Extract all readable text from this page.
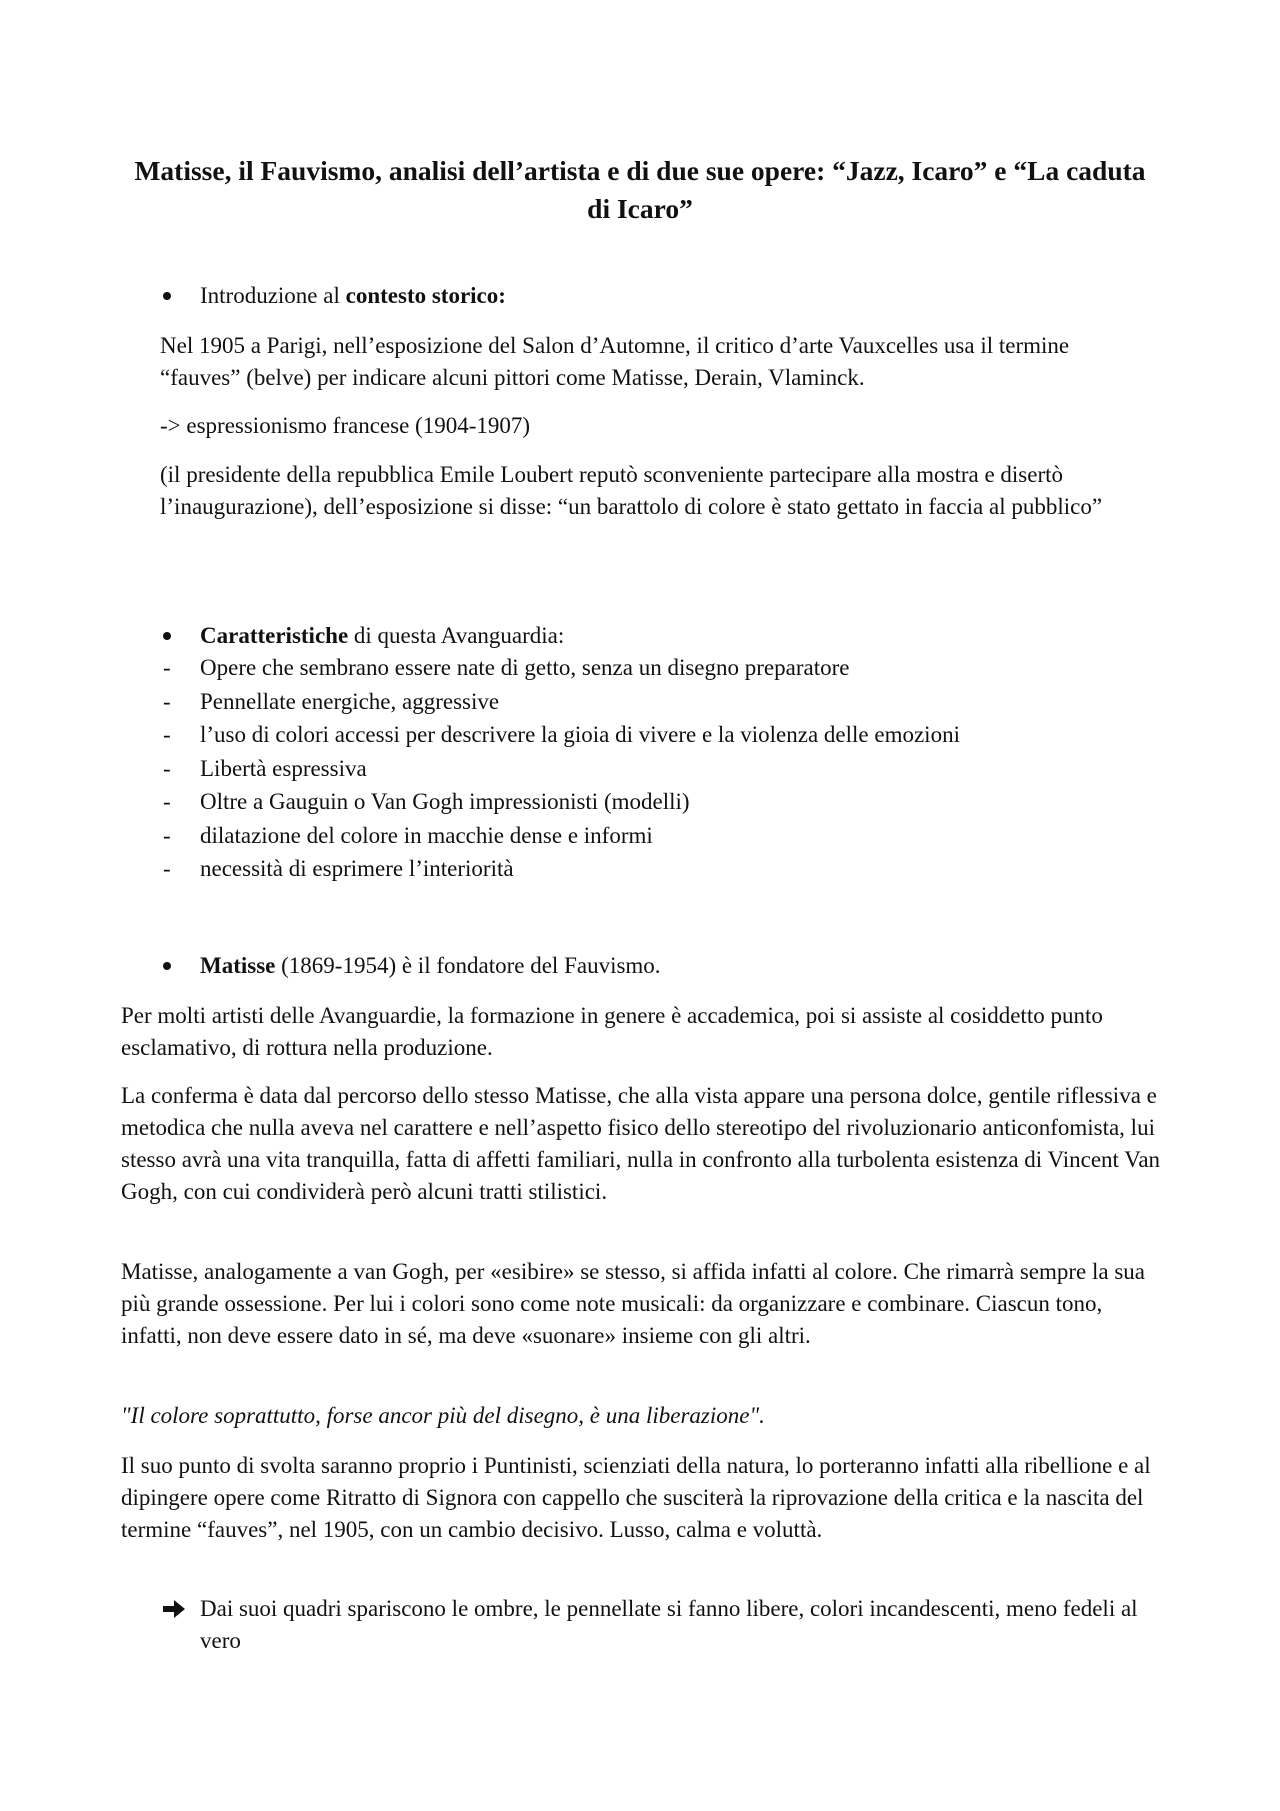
Matisse, il Fauvismo, analisi dell’artista e di due sue opere: “Jazz, Icaro” e “La caduta di Icaro”
Introduzione al contesto storico:

Nel 1905 a Parigi, nell’esposizione del Salon d’Automne, il critico d’arte Vauxcelles usa il termine “fauves” (belve) per indicare alcuni pittori come Matisse, Derain, Vlaminck.

-> espressionismo francese (1904-1907)

(il presidente della repubblica Emile Loubert reputò sconveniente partecipare alla mostra e disertò l’inaugurazione), dell’esposizione si disse: “un barattolo di colore è stato gettato in faccia al pubblico”

Caratteristiche di questa Avanguardia:
- Opere che sembrano essere nate di getto, senza un disegno preparatore
- Pennellate energiche, aggressive
- l’uso di colori accessi per descrivere la gioia di vivere e la violenza delle emozioni
- Libertà espressiva
- Oltre a Gauguin o Van Gogh impressionisti (modelli)
- dilatazione del colore in macchie dense e informi
- necessità di esprimere l’interiorità
Matisse (1869-1954) è il fondatore del Fauvismo.

Per molti artisti delle Avanguardie, la formazione in genere è accademica, poi si assiste al cosiddetto punto esclamativo, di rottura nella produzione.

La conferma è data dal percorso dello stesso Matisse, che alla vista appare una persona dolce, gentile riflessiva e metodica che nulla aveva nel carattere e nell’aspetto fisico dello stereotipo del rivoluzionario anticonfomista, lui stesso avrà una vita tranquilla, fatta di affetti familiari, nulla in confronto alla turbolenta esistenza di Vincent Van Gogh, con cui condividerà però alcuni tratti stilistici.

Matisse, analogamente a van Gogh, per «esibire» se stesso, si affida infatti al colore. Che rimarrà sempre la sua più grande ossessione. Per lui i colori sono come note musicali: da organizzare e combinare. Ciascun tono, infatti, non deve essere dato in sé, ma deve «suonare» insieme con gli altri.

"Il colore soprattutto, forse ancor più del disegno, è una liberazione".

Il suo punto di svolta saranno proprio i Puntinisti, scienziati della natura, lo porteranno infatti alla ribellione e al dipingere opere come Ritratto di Signora con cappello che susciterà la riprovazione della critica e la nascita del termine “fauves”, nel 1905, con un cambio decisivo. Lusso, calma e voluttà.

Dai suoi quadri spariscono le ombre, le pennellate si fanno libere, colori incandescenti, meno fedeli al vero
